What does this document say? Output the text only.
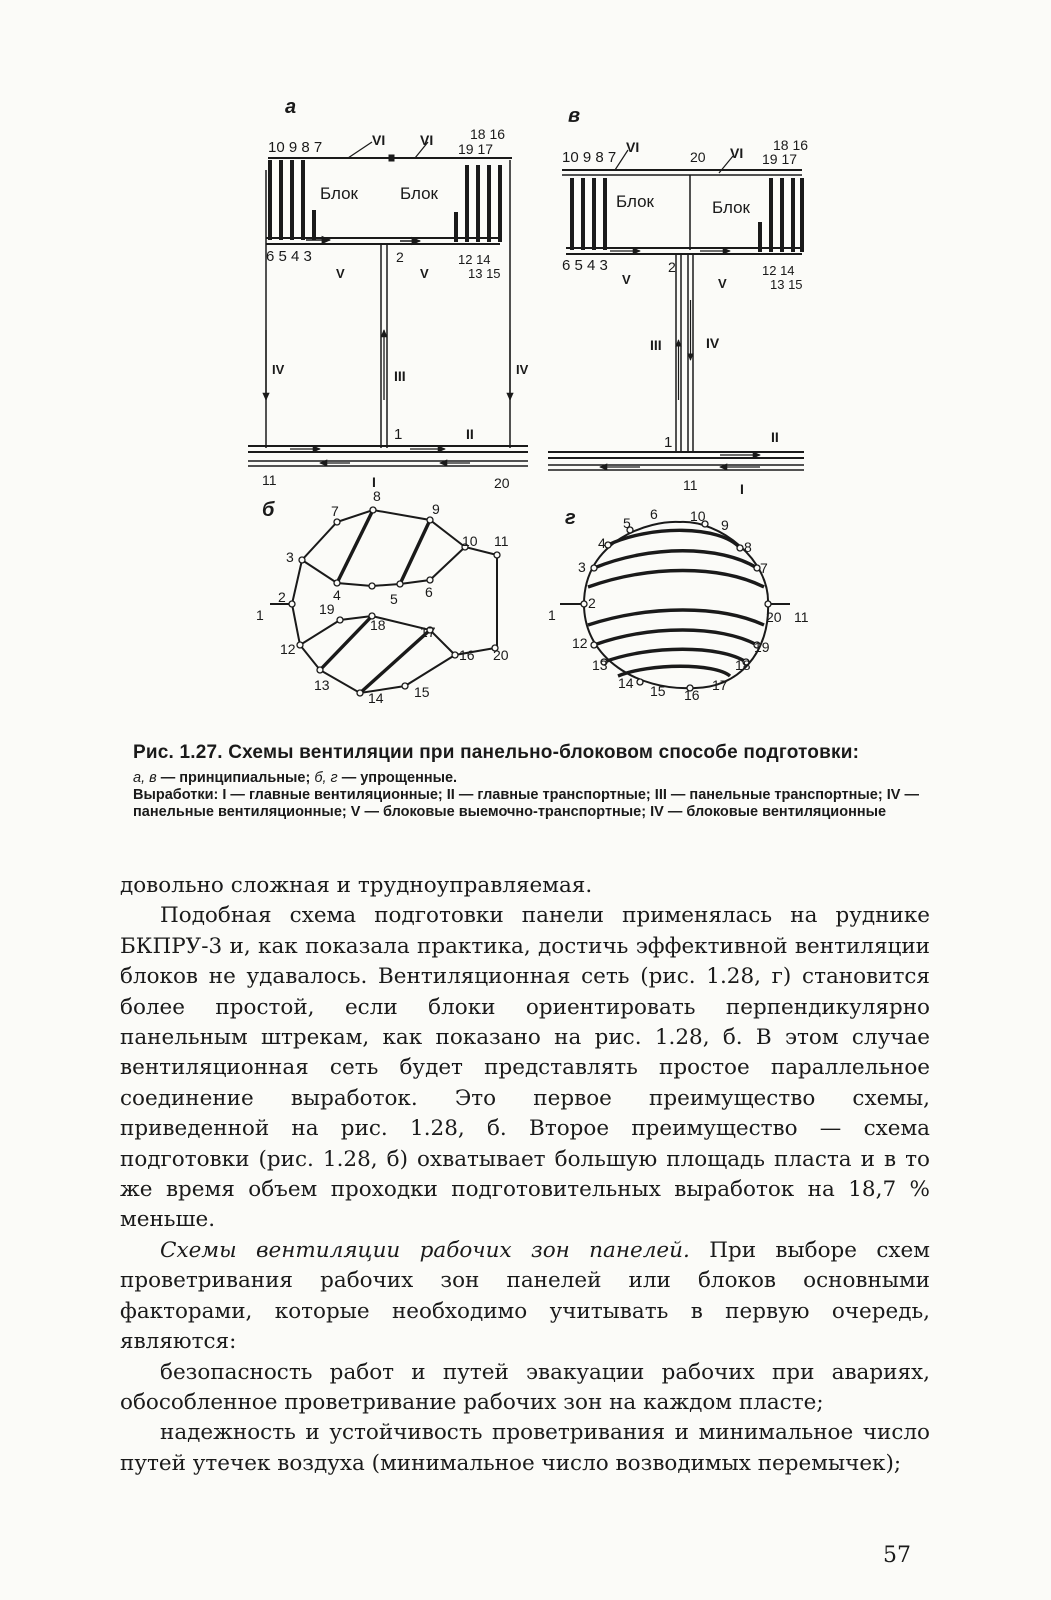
а
10 9 8 7
18 16
19 17
VI VI
Блок Блок
6 5 4 3
V
2
V
12 14
13 15
III
IV	IV
1	II
11	I	20
в
10 9 8 7
VI
20 VI 18 16
19 17
Блок	Блок
6 5 4 3
V
2
V
12 14
13 15
III	IV
1	II
11	I
б
1
2
3
4	5 6
7
8
9
10 11
12
13
14 15
16
17
18
19
20
г
1
2
3
4
5
6
7
8
9
10
11
12
13
14 15 16
17
18
19
20
Рис. 1.27. Схемы вентиляции при панельно-блоковом способе подготовки:
а, в — принципиальные; б, г — упрощенные.
Выработки: I — главные вентиляционные; II — главные транспортные; III — панельные транспортные; IV — панельные вентиляционные; V — блоковые выемочно-транспортные; IV — блоковые вентиляционные

довольно сложная и трудноуправляемая.

Подобная схема подготовки панели применялась на руднике БКПРУ-3 и, как показала практика, достичь эффективной вентиляции блоков не удавалось. Вентиляционная сеть (рис. 1.28, г) становится более простой, если блоки ориентировать перпендикулярно панельным штрекам, как показано на рис. 1.28, б. В этом случае вентиляционная сеть будет представлять простое параллельное соединение выработок. Это первое преимущество схемы, приведенной на рис. 1.28, б. Второе преимущество — схема подготовки (рис. 1.28, б) охватывает большую площадь пласта и в то же время объем проходки подготовительных выработок на 18,7 % меньше.

Схемы вентиляции рабочих зон панелей. При выборе схем проветривания рабочих зон панелей или блоков основными факторами, которые необходимо учитывать в первую очередь, являются:

безопасность работ и путей эвакуации рабочих при авариях, обособленное проветривание рабочих зон на каждом пласте;

надежность и устойчивость проветривания и минимальное число путей утечек воздуха (минимальное число возводимых перемычек);

57
